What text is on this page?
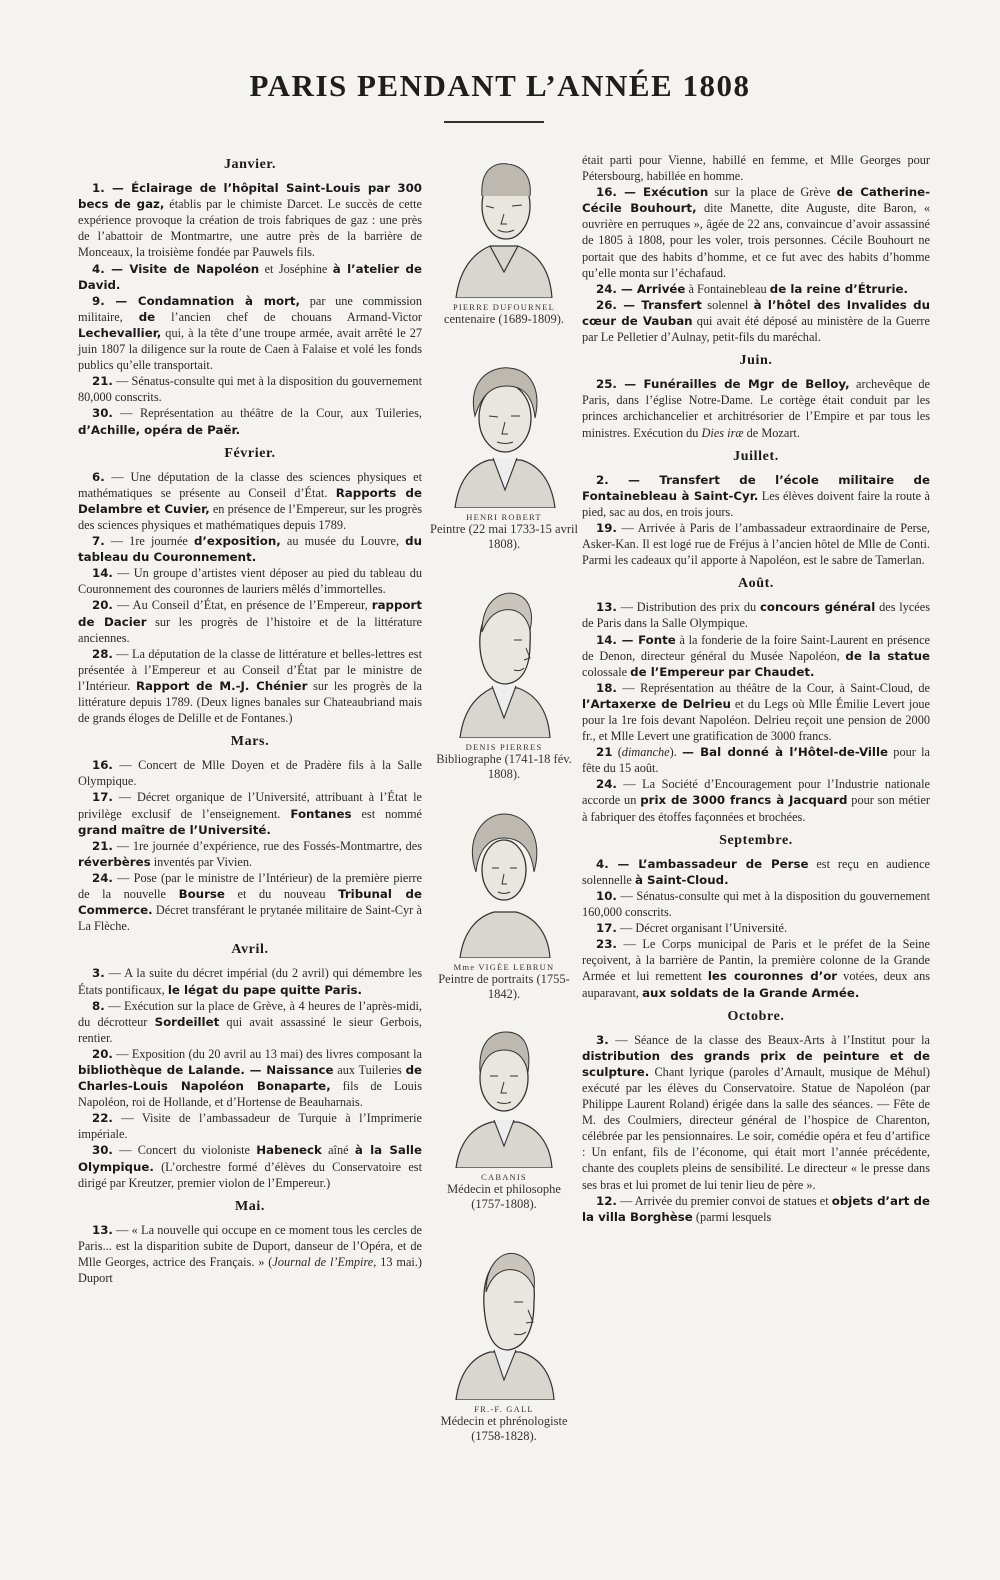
PARIS PENDANT L’ANNÉE 1808
Janvier.

1. — Éclairage de l’hôpital Saint-Louis par 300 becs de gaz, établis par le chimiste Darcet. Le succès de cette expérience provoque la création de trois fabriques de gaz : une près de l’abattoir de Montmartre, une autre près de la barrière de Monceaux, la troisième fondée par Pauwels fils.

4. — Visite de Napoléon et Joséphine à l’atelier de David.

9. — Condamnation à mort, par une commission militaire, de l’ancien chef de chouans Armand-Victor Lechevallier, qui, à la tête d’une troupe armée, avait arrêté le 27 juin 1807 la diligence sur la route de Caen à Falaise et volé les fonds publics qu’elle transportait.

21. — Sénatus-consulte qui met à la disposition du gouvernement 80,000 conscrits.

30. — Représentation au théâtre de la Cour, aux Tuileries, d’Achille, opéra de Paër.

Février.

6. — Une députation de la classe des sciences physiques et mathématiques se présente au Conseil d’État. Rapports de Delambre et Cuvier, en présence de l’Empereur, sur les progrès des sciences physiques et mathématiques depuis 1789.

7. — 1re journée d’exposition, au musée du Louvre, du tableau du Couronnement.

14. — Un groupe d’artistes vient déposer au pied du tableau du Couronnement des couronnes de lauriers mêlés d’immortelles.

20. — Au Conseil d’État, en présence de l’Empereur, rapport de Dacier sur les progrès de l’histoire et de la littérature anciennes.

28. — La députation de la classe de littérature et belles-lettres est présentée à l’Empereur et au Conseil d’État par le ministre de l’Intérieur. Rapport de M.-J. Chénier sur les progrès de la littérature depuis 1789. (Deux lignes banales sur Chateaubriand mais de grands éloges de Delille et de Fontanes.)

Mars.

16. — Concert de Mlle Doyen et de Pradère fils à la Salle Olympique.

17. — Décret organique de l’Université, attribuant à l’État le privilège exclusif de l’enseignement. Fontanes est nommé grand maître de l’Université.

21. — 1re journée d’expérience, rue des Fossés-Montmartre, des réverbères inventés par Vivien.

24. — Pose (par le ministre de l’Intérieur) de la première pierre de la nouvelle Bourse et du nouveau Tribunal de Commerce. Décret transférant le prytanée militaire de Saint-Cyr à La Flèche.

Avril.

3. — A la suite du décret impérial (du 2 avril) qui démembre les États pontificaux, le légat du pape quitte Paris.

8. — Exécution sur la place de Grève, à 4 heures de l’après-midi, du décrotteur Sordeillet qui avait assassiné le sieur Gerbois, rentier.

20. — Exposition (du 20 avril au 13 mai) des livres composant la bibliothèque de Lalande. — Naissance aux Tuileries de Charles-Louis Napoléon Bonaparte, fils de Louis Napoléon, roi de Hollande, et d’Hortense de Beauharnais.

22. — Visite de l’ambassadeur de Turquie à l’Imprimerie impériale.

30. — Concert du violoniste Habeneck aîné à la Salle Olympique. (L’orchestre formé d’élèves du Conservatoire est dirigé par Kreutzer, premier violon de l’Empereur.)

Mai.

13. — « La nouvelle qui occupe en ce moment tous les cercles de Paris... est la disparition subite de Duport, danseur de l’Opéra, et de Mlle Georges, actrice des Français. » (Journal de l’Empire, 13 mai.) Duport

PIERRE DUFOURNEL
centenaire (1689-1809).
HENRI ROBERT
Peintre (22 mai 1733-15 avril 1808).
DENIS PIERRES
Bibliographe (1741-18 fév. 1808).
Mme VIGÉE LEBRUN
Peintre de portraits (1755-1842).
CABANIS
Médecin et philosophe (1757-1808).
FR.-F. GALL
Médecin et phrénologiste (1758-1828).

était parti pour Vienne, habillé en femme, et Mlle Georges pour Pétersbourg, habillée en homme.

16. — Exécution sur la place de Grève de Catherine-Cécile Bouhourt, dite Manette, dite Auguste, dite Baron, « ouvrière en perruques », âgée de 22 ans, convaincue d’avoir assassiné de 1805 à 1808, pour les voler, trois personnes. Cécile Bouhourt ne portait que des habits d’homme, et ce fut avec des habits d’homme qu’elle monta sur l’échafaud.

24. — Arrivée à Fontainebleau de la reine d’Étrurie.

26. — Transfert solennel à l’hôtel des Invalides du cœur de Vauban qui avait été déposé au ministère de la Guerre par Le Pelletier d’Aulnay, petit-fils du maréchal.

Juin.

25. — Funérailles de Mgr de Belloy, archevêque de Paris, dans l’église Notre-Dame. Le cortège était conduit par les princes archichancelier et architrésorier de l’Empire et par tous les ministres. Exécution du Dies iræ de Mozart.

Juillet.

2. — Transfert de l’école militaire de Fontainebleau à Saint-Cyr. Les élèves doivent faire la route à pied, sac au dos, en trois jours.

19. — Arrivée à Paris de l’ambassadeur extraordinaire de Perse, Asker-Kan. Il est logé rue de Fréjus à l’ancien hôtel de Mlle de Conti. Parmi les cadeaux qu’il apporte à Napoléon, est le sabre de Tamerlan.

Août.

13. — Distribution des prix du concours général des lycées de Paris dans la Salle Olympique.

14. — Fonte à la fonderie de la foire Saint-Laurent en présence de Denon, directeur général du Musée Napoléon, de la statue colossale de l’Empereur par Chaudet.

18. — Représentation au théâtre de la Cour, à Saint-Cloud, de l’Artaxerxe de Delrieu et du Legs où Mlle Émilie Levert joue pour la 1re fois devant Napoléon. Delrieu reçoit une pension de 2000 fr., et Mlle Levert une gratification de 3000 francs.

21 (dimanche). — Bal donné à l’Hôtel-de-Ville pour la fête du 15 août.

24. — La Société d’Encouragement pour l’Industrie nationale accorde un prix de 3000 francs à Jacquard pour son métier à fabriquer des étoffes façonnées et brochées.

Septembre.

4. — L’ambassadeur de Perse est reçu en audience solennelle à Saint-Cloud.

10. — Sénatus-consulte qui met à la disposition du gouvernement 160,000 conscrits.

17. — Décret organisant l’Université.

23. — Le Corps municipal de Paris et le préfet de la Seine reçoivent, à la barrière de Pantin, la première colonne de la Grande Armée et lui remettent les couronnes d’or votées, deux ans auparavant, aux soldats de la Grande Armée.

Octobre.

3. — Séance de la classe des Beaux-Arts à l’Institut pour la distribution des grands prix de peinture et de sculpture. Chant lyrique (paroles d’Arnault, musique de Méhul) exécuté par les élèves du Conservatoire. Statue de Napoléon (par Philippe Laurent Roland) érigée dans la salle des séances. — Fête de M. des Coulmiers, directeur général de l’hospice de Charenton, célébrée par les pensionnaires. Le soir, comédie opéra et feu d’artifice : Un enfant, fils de l’économe, qui était mort l’année précédente, chante des couplets pleins de sensibilité. Le directeur « le presse dans ses bras et lui promet de lui tenir lieu de père ».

12. — Arrivée du premier convoi de statues et objets d’art de la villa Borghèse (parmi lesquels
